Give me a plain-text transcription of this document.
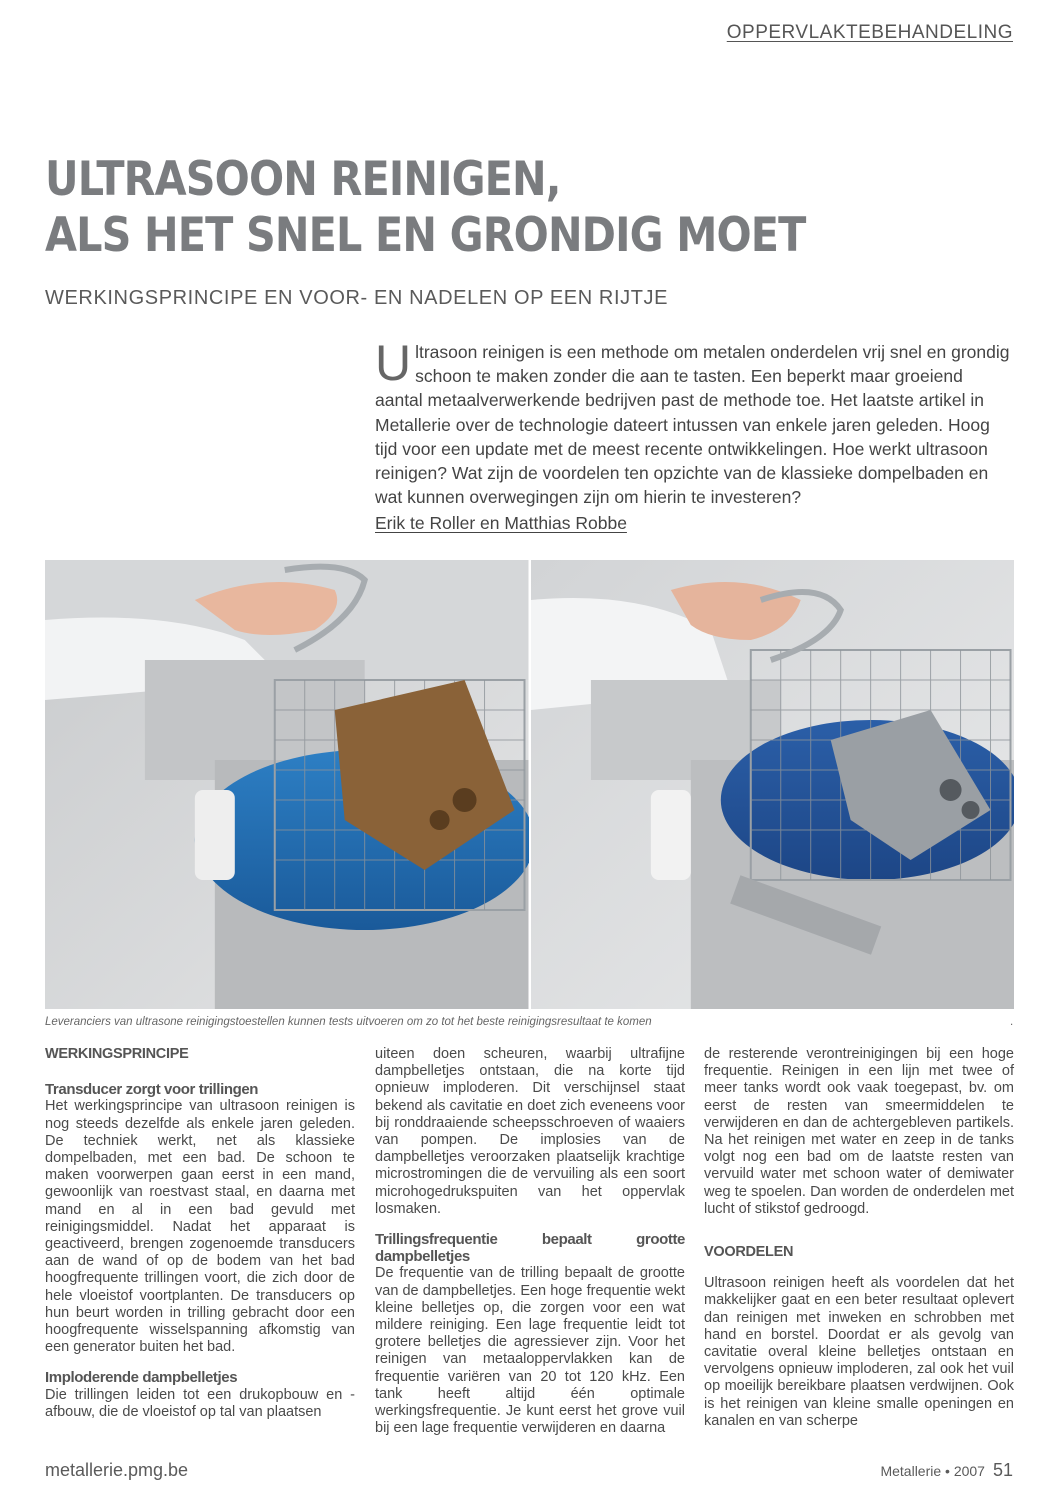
OPPERVLAKTEBEHANDELING
ULTRASOON REINIGEN,
ALS HET SNEL EN GRONDIG MOET
WERKINGSPRINCIPE EN VOOR- EN NADELEN OP EEN RIJTJE
Ultrasoon reinigen is een methode om metalen onderdelen vrij snel en grondig schoon te maken zonder die aan te tasten. Een beperkt maar groeiend aantal metaalverwerkende bedrijven past de methode toe. Het laatste artikel in Metallerie over de technologie dateert intussen van enkele jaren geleden. Hoog tijd voor een update met de meest recente ontwikkelingen. Hoe werkt ultrasoon reinigen? Wat zijn de voordelen ten opzichte van de klassieke dompelbaden en wat kunnen overwegingen zijn om hierin te investeren?
Erik te Roller en Matthias Robbe
Leveranciers van ultrasone reinigingstoestellen kunnen tests uitvoeren om zo tot het beste reinigingsresultaat te komen	.
WERKINGSPRINCIPE
Transducer zorgt voor trillingen
Het werkingsprincipe van ultrasoon reinigen is nog steeds dezelfde als enkele jaren geleden. De techniek werkt, net als klassieke dompelbaden, met een bad. De schoon te maken voorwerpen gaan eerst in een mand, gewoonlijk van roestvast staal, en daarna met mand en al in een bad gevuld met reinigingsmiddel. Nadat het apparaat is geactiveerd, brengen zogenoemde transducers aan de wand of op de bodem van het bad hoogfrequente trillingen voort, die zich door de hele vloeistof voortplanten. De transducers op hun beurt worden in trilling gebracht door een hoogfrequente wisselspanning afkomstig van een generator buiten het bad.
Imploderende dampbelletjes
Die trillingen leiden tot een drukopbouw en -afbouw, die de vloeistof op tal van plaatsen
uiteen doen scheuren, waarbij ultrafijne dampbelletjes ontstaan, die na korte tijd opnieuw imploderen. Dit verschijnsel staat bekend als cavitatie en doet zich eveneens voor bij ronddraaiende scheepsschroeven of waaiers van pompen. De implosies van de dampbelletjes veroorzaken plaatselijk krachtige microstromingen die de vervuiling als een soort microhogedrukspuiten van het oppervlak losmaken.
Trillingsfrequentie bepaalt grootte dampbelletjes
De frequentie van de trilling bepaalt de grootte van de dampbelletjes. Een hoge frequentie wekt kleine belletjes op, die zorgen voor een wat mildere reiniging. Een lage frequentie leidt tot grotere belletjes die agressiever zijn. Voor het reinigen van metaaloppervlakken kan de frequentie variëren van 20 tot 120 kHz. Een tank heeft altijd één optimale werkingsfrequentie. Je kunt eerst het grove vuil bij een lage frequentie verwijderen en daarna
de resterende verontreinigingen bij een hoge frequentie. Reinigen in een lijn met twee of meer tanks wordt ook vaak toegepast, bv. om eerst de resten van smeermiddelen te verwijderen en dan de achtergebleven partikels. Na het reinigen met water en zeep in de tanks volgt nog een bad om de laatste resten van vervuild water met schoon water of demiwater weg te spoelen. Dan worden de onderdelen met lucht of stikstof gedroogd.
VOORDELEN
Ultrasoon reinigen heeft als voordelen dat het makkelijker gaat en een beter resultaat oplevert dan reinigen met inweken en schrobben met hand en borstel. Doordat er als gevolg van cavitatie overal kleine belletjes ontstaan en vervolgens opnieuw imploderen, zal ook het vuil op moeilijk bereikbare plaatsen verdwijnen. Ook is het reinigen van kleine smalle openingen en kanalen en van scherpe
metallerie.pmg.be	Metallerie • 2007 51
